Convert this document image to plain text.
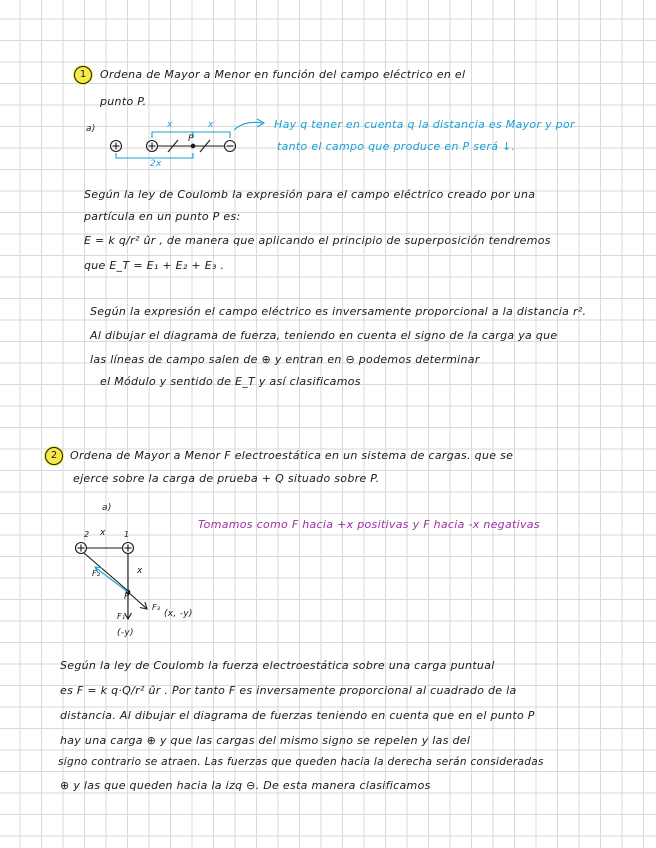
1	Ordena de Mayor a Menor en función del campo eléctrico en el
punto P.
a)	x	x
2x
P
Hay q tener en cuenta q la distancia es Mayor y por
tanto el campo que produce en P será ↓.
Según la ley de Coulomb la expresión para el campo eléctrico creado por una
partícula en un punto P es:
E = k q/r² ûr , de manera que aplicando el principio de superposición tendremos
que E_T = E₁ + E₂ + E₃ .
Según la expresión el campo eléctrico es inversamente proporcional a la distancia r².
Al dibujar el diagrama de fuerza, teniendo en cuenta el signo de la carga ya que
las líneas de campo salen de ⊕ y entran en ⊖ podemos determinar
el Módulo y sentido de E_T y así clasificamos
2	Ordena de Mayor a Menor F electroestática en un sistema de cargas. que se
ejerce sobre la carga de prueba + Q situado sobre P.
a)
Tomamos como F hacia +x positivas y F hacia -x negativas
2	1
x
x
P
F₂
F₁
F₃
(x, -y)
(-y)
Según la ley de Coulomb la fuerza electroestática sobre una carga puntual
es F = k q·Q/r² ûr . Por tanto F es inversamente proporcional al cuadrado de la
distancia. Al dibujar el diagrama de fuerzas teniendo en cuenta que en el punto P
hay una carga ⊕ y que las cargas del mismo signo se repelen y las del
signo contrario se atraen. Las fuerzas que queden hacia la derecha serán consideradas
⊕ y las que queden hacia la izq ⊖. De esta manera clasificamos
